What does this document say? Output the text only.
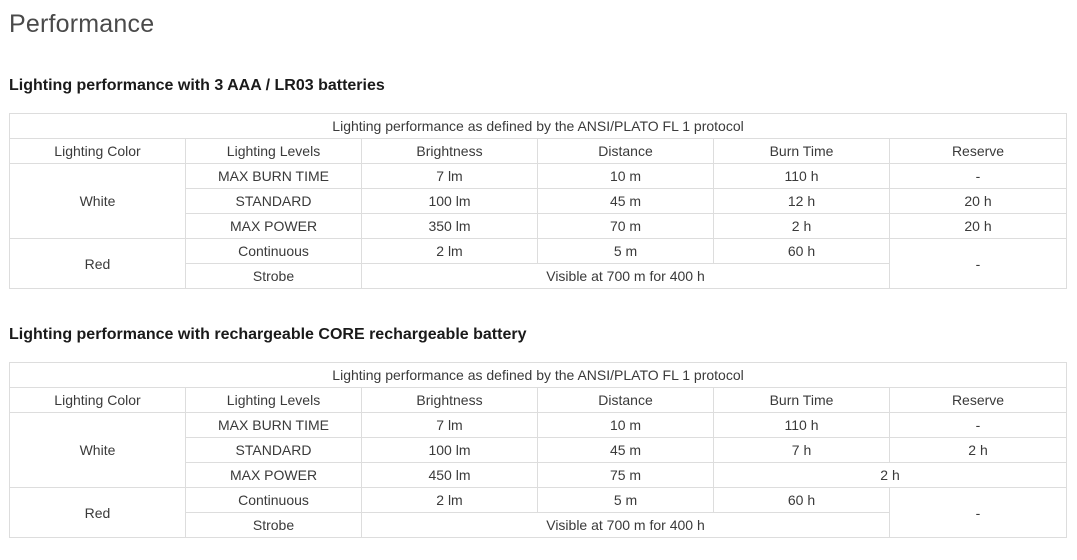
Performance
Lighting performance with 3 AAA / LR03 batteries
Lighting performance as defined by the ANSI/PLATO FL 1 protocol					
Lighting Color	Lighting Levels	Brightness	Distance	Burn Time	Reserve
White	MAX BURN TIME	7 lm	10 m	110 h	-
	STANDARD	100 lm	45 m	12 h	20 h
	MAX POWER	350 lm	70 m	2 h	20 h
Red	Continuous	2 lm	5 m	60 h	-
	Strobe	Visible at 700 m for 400 h			
Lighting performance with rechargeable CORE rechargeable battery
Lighting performance as defined by the ANSI/PLATO FL 1 protocol					
Lighting Color	Lighting Levels	Brightness	Distance	Burn Time	Reserve
White	MAX BURN TIME	7 lm	10 m	110 h	-
	STANDARD	100 lm	45 m	7 h	2 h
	MAX POWER	450 lm	75 m	2 h	
Red	Continuous	2 lm	5 m	60 h	-
	Strobe	Visible at 700 m for 400 h			
